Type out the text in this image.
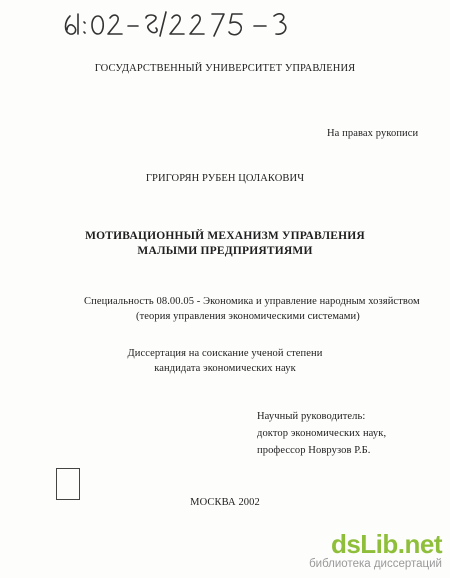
ГОСУДАРСТВЕННЫЙ УНИВЕРСИТЕТ УПРАВЛЕНИЯ
На правах рукописи
ГРИГОРЯН РУБЕН ЦОЛАКОВИЧ
МОТИВАЦИОННЫЙ МЕХАНИЗМ УПРАВЛЕНИЯ
МАЛЫМИ ПРЕДПРИЯТИЯМИ
Специальность 08.00.05 - Экономика и управление народным хозяйством
(теория управления экономическими системами)
Диссертация на соискание ученой степени
кандидата экономических наук
Научный руководитель:
доктор экономических наук,
профессор Новрузов Р.Б.

МОСКВА 2002
dsLib.net
библиотека диссертаций
